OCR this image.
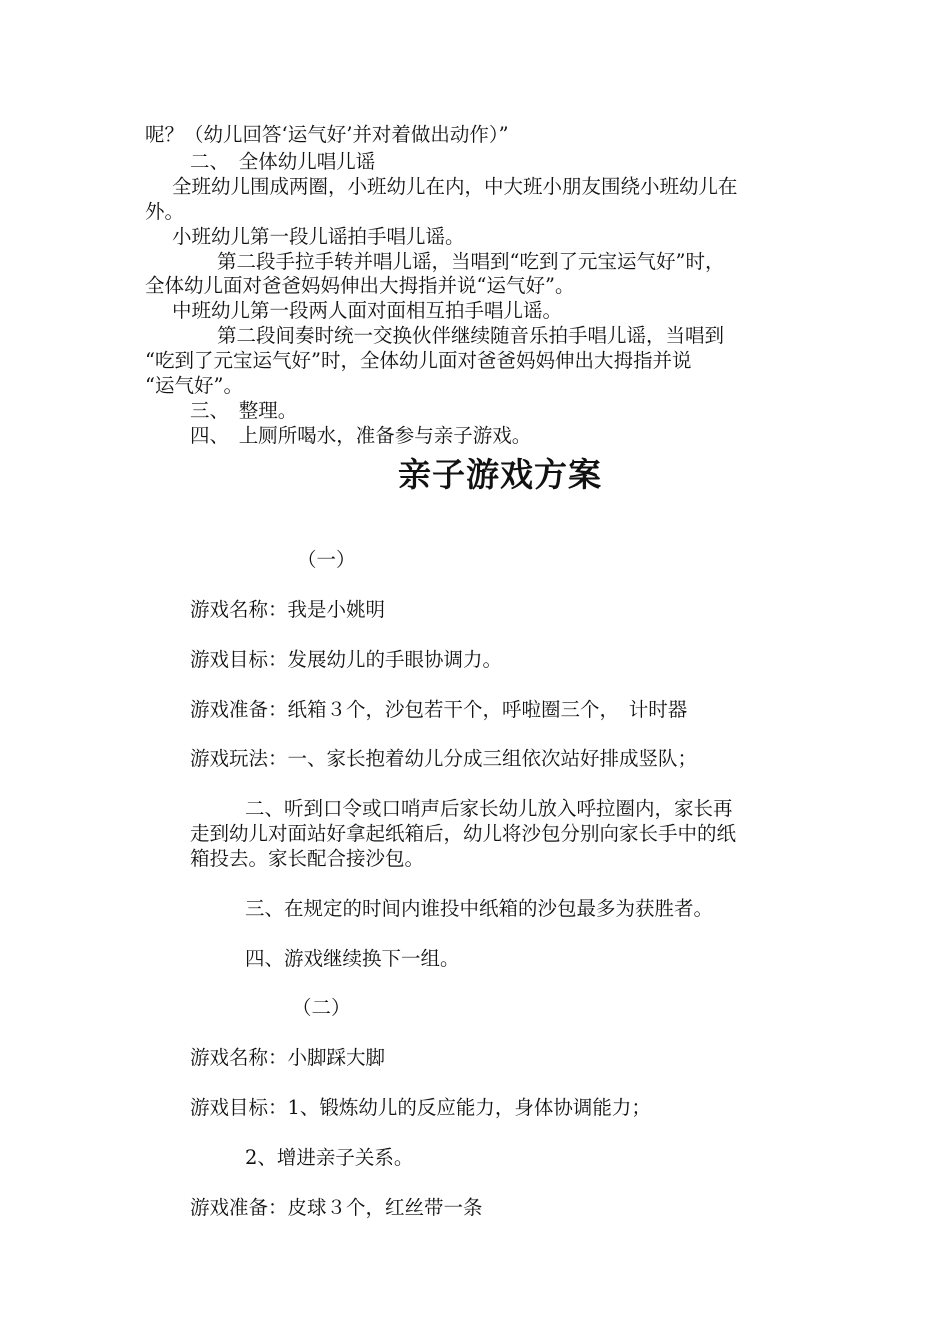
呢？（幼儿回答‘运气好’并对着做出动作）”
二、　全体幼儿唱儿谣
全班幼儿围成两圈，小班幼儿在内，中大班小朋友围绕小班幼儿在
外。
小班幼儿第一段儿谣拍手唱儿谣。
第二段手拉手转并唱儿谣，当唱到“吃到了元宝运气好”时，
全体幼儿面对爸爸妈妈伸出大拇指并说“运气好”。
中班幼儿第一段两人面对面相互拍手唱儿谣。
第二段间奏时统一交换伙伴继续随音乐拍手唱儿谣，当唱到
“吃到了元宝运气好”时，全体幼儿面对爸爸妈妈伸出大拇指并说
“运气好”。
三、　整理。
四、　上厕所喝水，准备参与亲子游戏。
亲子游戏方案
（一）
游戏名称：我是小姚明
游戏目标：发展幼儿的手眼协调力。
游戏准备：纸箱３个，沙包若干个，呼啦圈三个，　计时器
游戏玩法：一、家长抱着幼儿分成三组依次站好排成竖队；
二、听到口令或口哨声后家长幼儿放入呼拉圈内，家长再
走到幼儿对面站好拿起纸箱后，幼儿将沙包分别向家长手中的纸
箱投去。家长配合接沙包。
三、在规定的时间内谁投中纸箱的沙包最多为获胜者。
四、游戏继续换下一组。
（二）
游戏名称：小脚踩大脚
游戏目标：1、锻炼幼儿的反应能力，身体协调能力；
2、增进亲子关系。
游戏准备：皮球３个，红丝带一条
